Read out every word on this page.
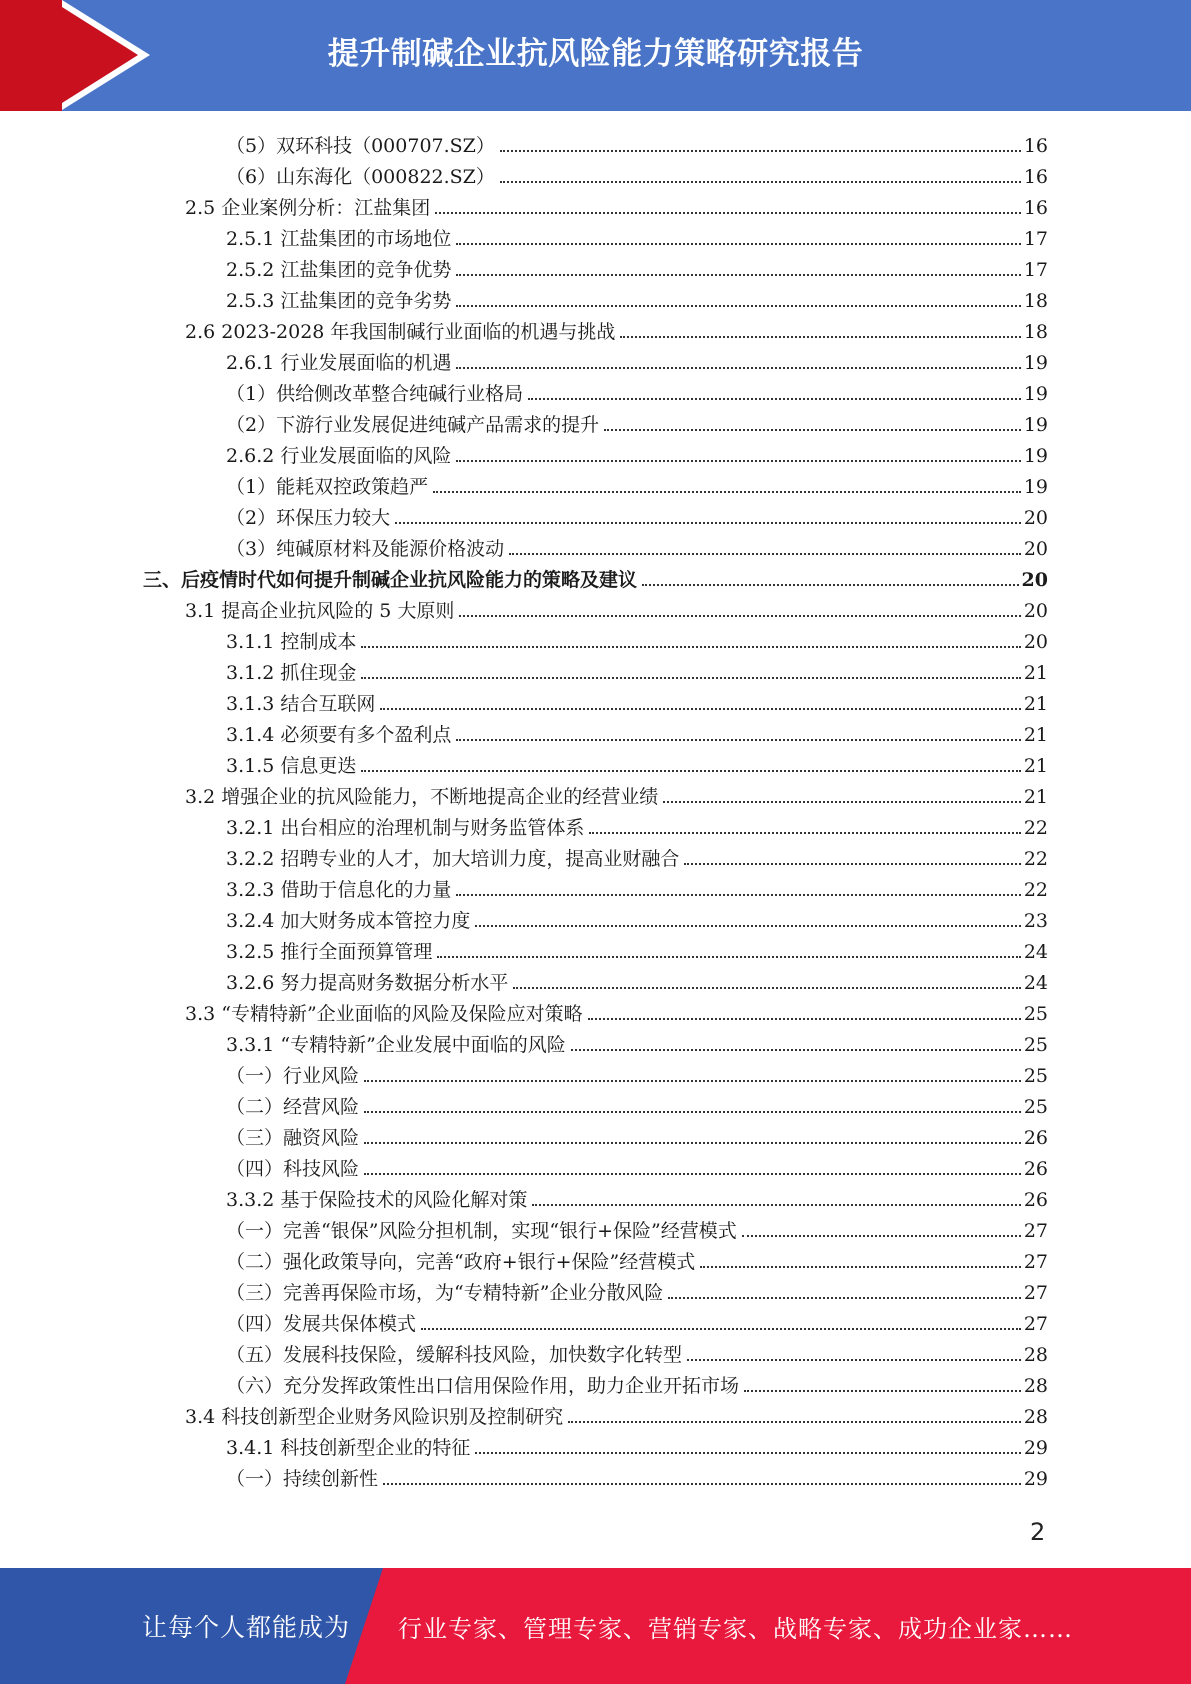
提升制碱企业抗风险能力策略研究报告
（5）双环科技（000707.SZ）	16
（6）山东海化（000822.SZ）	16
2.5 企业案例分析：江盐集团	16
2.5.1 江盐集团的市场地位	17
2.5.2 江盐集团的竞争优势	17
2.5.3 江盐集团的竞争劣势	18
2.6 2023-2028 年我国制碱行业面临的机遇与挑战	18
2.6.1 行业发展面临的机遇	19
（1）供给侧改革整合纯碱行业格局	19
（2）下游行业发展促进纯碱产品需求的提升	19
2.6.2 行业发展面临的风险	19
（1）能耗双控政策趋严	19
（2）环保压力较大	20
（3）纯碱原材料及能源价格波动	20
三、后疫情时代如何提升制碱企业抗风险能力的策略及建议	20
3.1 提高企业抗风险的 5 大原则	20
3.1.1 控制成本	20
3.1.2 抓住现金	21
3.1.3 结合互联网	21
3.1.4 必须要有多个盈利点	21
3.1.5 信息更迭	21
3.2 增强企业的抗风险能力，不断地提高企业的经营业绩	21
3.2.1 出台相应的治理机制与财务监管体系	22
3.2.2 招聘专业的人才，加大培训力度，提高业财融合	22
3.2.3 借助于信息化的力量	22
3.2.4 加大财务成本管控力度	23
3.2.5 推行全面预算管理	24
3.2.6 努力提高财务数据分析水平	24
3.3 “专精特新”企业面临的风险及保险应对策略	25
3.3.1 “专精特新”企业发展中面临的风险	25
（一）行业风险	25
（二）经营风险	25
（三）融资风险	26
（四）科技风险	26
3.3.2 基于保险技术的风险化解对策	26
（一）完善“银保”风险分担机制，实现“银行+保险”经营模式	27
（二）强化政策导向，完善“政府+银行+保险”经营模式	27
（三）完善再保险市场，为“专精特新”企业分散风险	27
（四）发展共保体模式	27
（五）发展科技保险，缓解科技风险，加快数字化转型	28
（六）充分发挥政策性出口信用保险作用，助力企业开拓市场	28
3.4 科技创新型企业财务风险识别及控制研究	28
3.4.1 科技创新型企业的特征	29
（一）持续创新性	29
2
让每个人都能成为 行业专家、管理专家、营销专家、战略专家、成功企业家……
